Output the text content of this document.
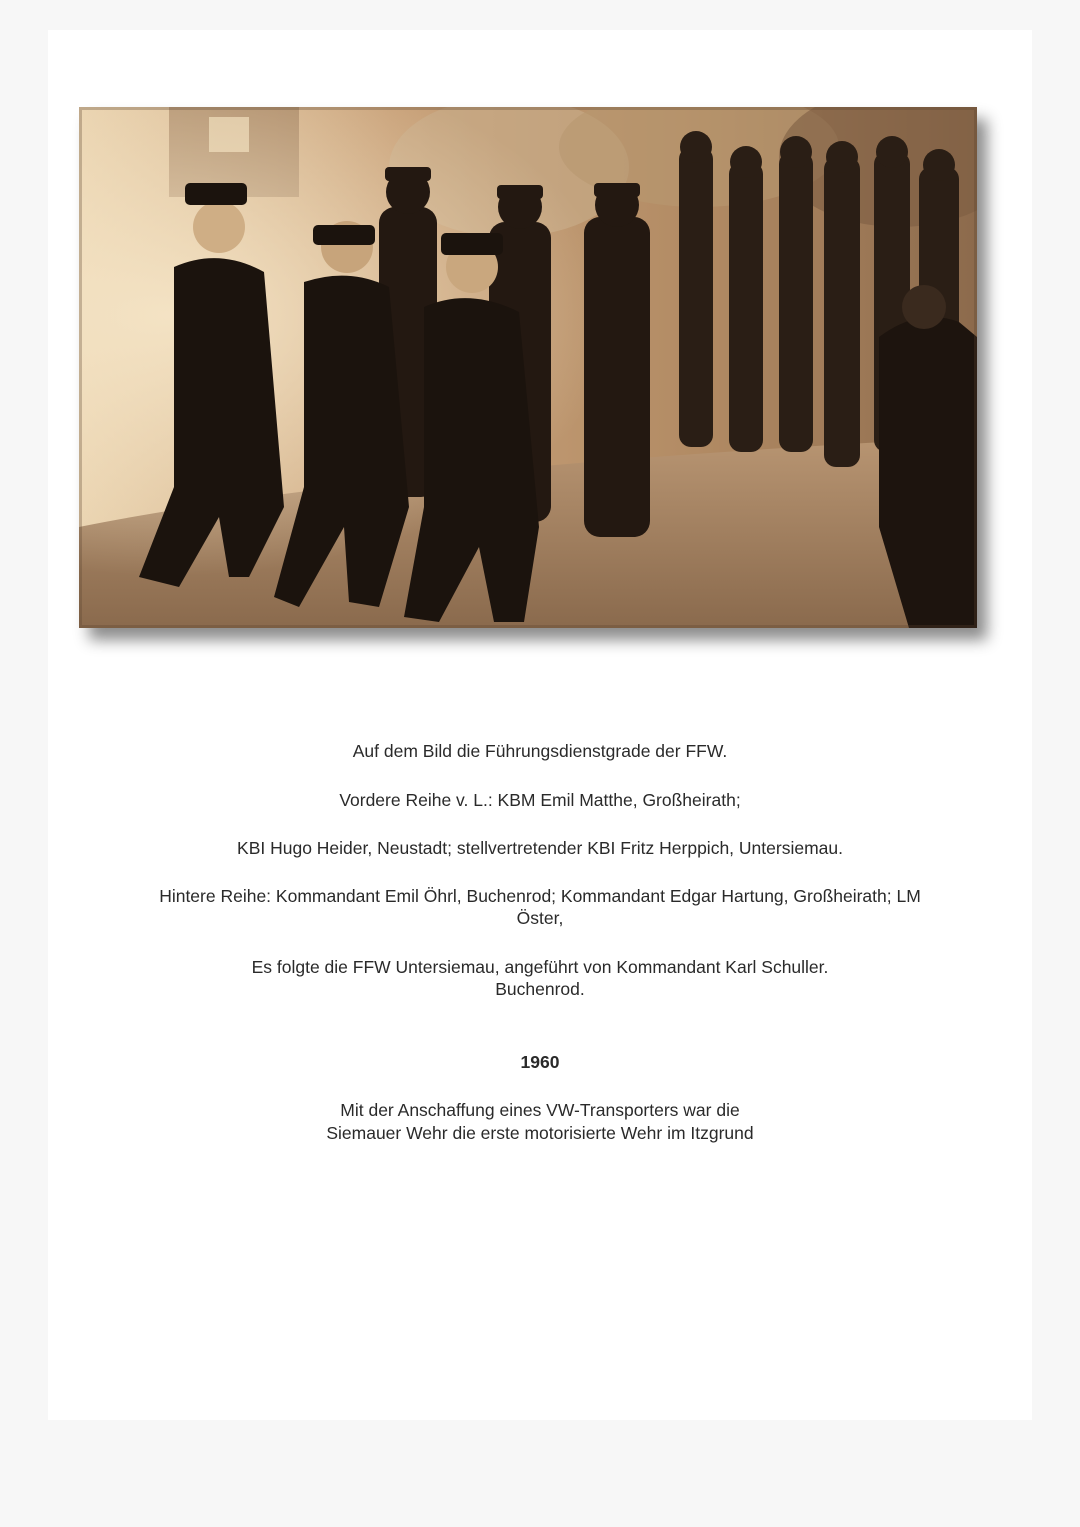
Auf dem Bild die Führungsdienstgrade der FFW.
Vordere Reihe v. L.: KBM Emil Matthe, Großheirath;
KBI Hugo Heider, Neustadt; stellvertretender KBI Fritz Herppich, Untersiemau.
Hintere Reihe: Kommandant Emil Öhrl, Buchenrod; Kommandant Edgar Hartung, Großheirath; LM
Öster,
Es folgte die FFW Untersiemau, angeführt von Kommandant Karl Schuller.
Buchenrod.
1960
Mit der Anschaffung eines VW-Transporters war die
Siemauer Wehr die erste motorisierte Wehr im Itzgrund
